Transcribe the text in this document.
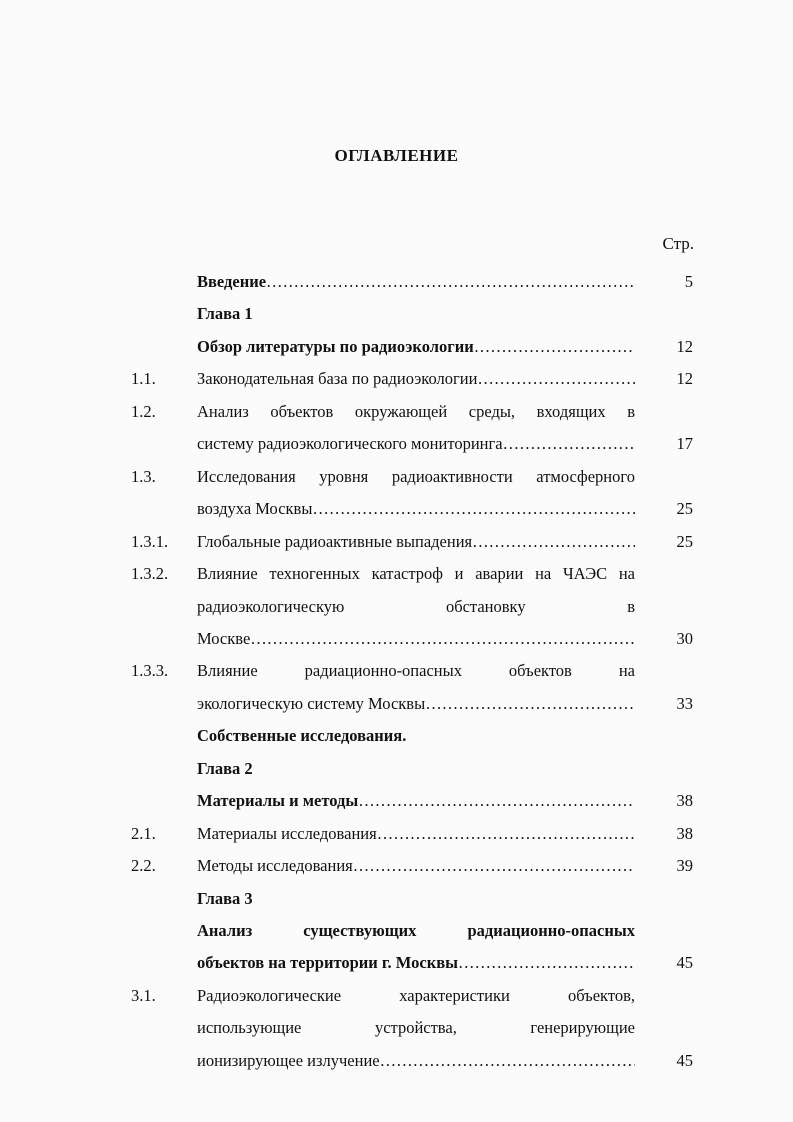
ОГЛАВЛЕНИЕ
Стр.
Введение ………………………………………………………………………………………………………………	5
Глава 1
Обзор литературы по радиоэкологии ………………………………………………………………………………………………………………	12
1.1.	Законодательная база по радиоэкологии ………………………………………………………………………………………………………………	12
1.2.	Анализ объектов окружающей среды, входящих в
систему радиоэкологического мониторинга ………………………………………………………………………………………………………………	17
1.3.	Исследования уровня радиоактивности атмосферного
воздуха Москвы ………………………………………………………………………………………………………………	25
1.3.1. Глобальные радиоактивные выпадения ………………………………………………………………………………………………………………	25
1.3.2. Влияние техногенных катастроф и аварии на ЧАЭС на
радиоэкологическую обстановку в
Москве ………………………………………………………………………………………………………………	30
1.3.3. Влияние радиационно-опасных объектов на
экологическую систему Москвы ………………………………………………………………………………………………………………	33
Собственные исследования.
Глава 2
Материалы и методы ………………………………………………………………………………………………………………	38
2.1.	Материалы исследования ………………………………………………………………………………………………………………	38
2.2.	Методы исследования ………………………………………………………………………………………………………………	39
Глава 3
Анализ существующих радиационно-опасных
объектов на территории г. Москвы ………………………………………………………………………………………………………………	45
3.1.	Радиоэкологические характеристики объектов,
использующие устройства, генерирующие
ионизирующее излучение ………………………………………………………………………………………………………………	45
